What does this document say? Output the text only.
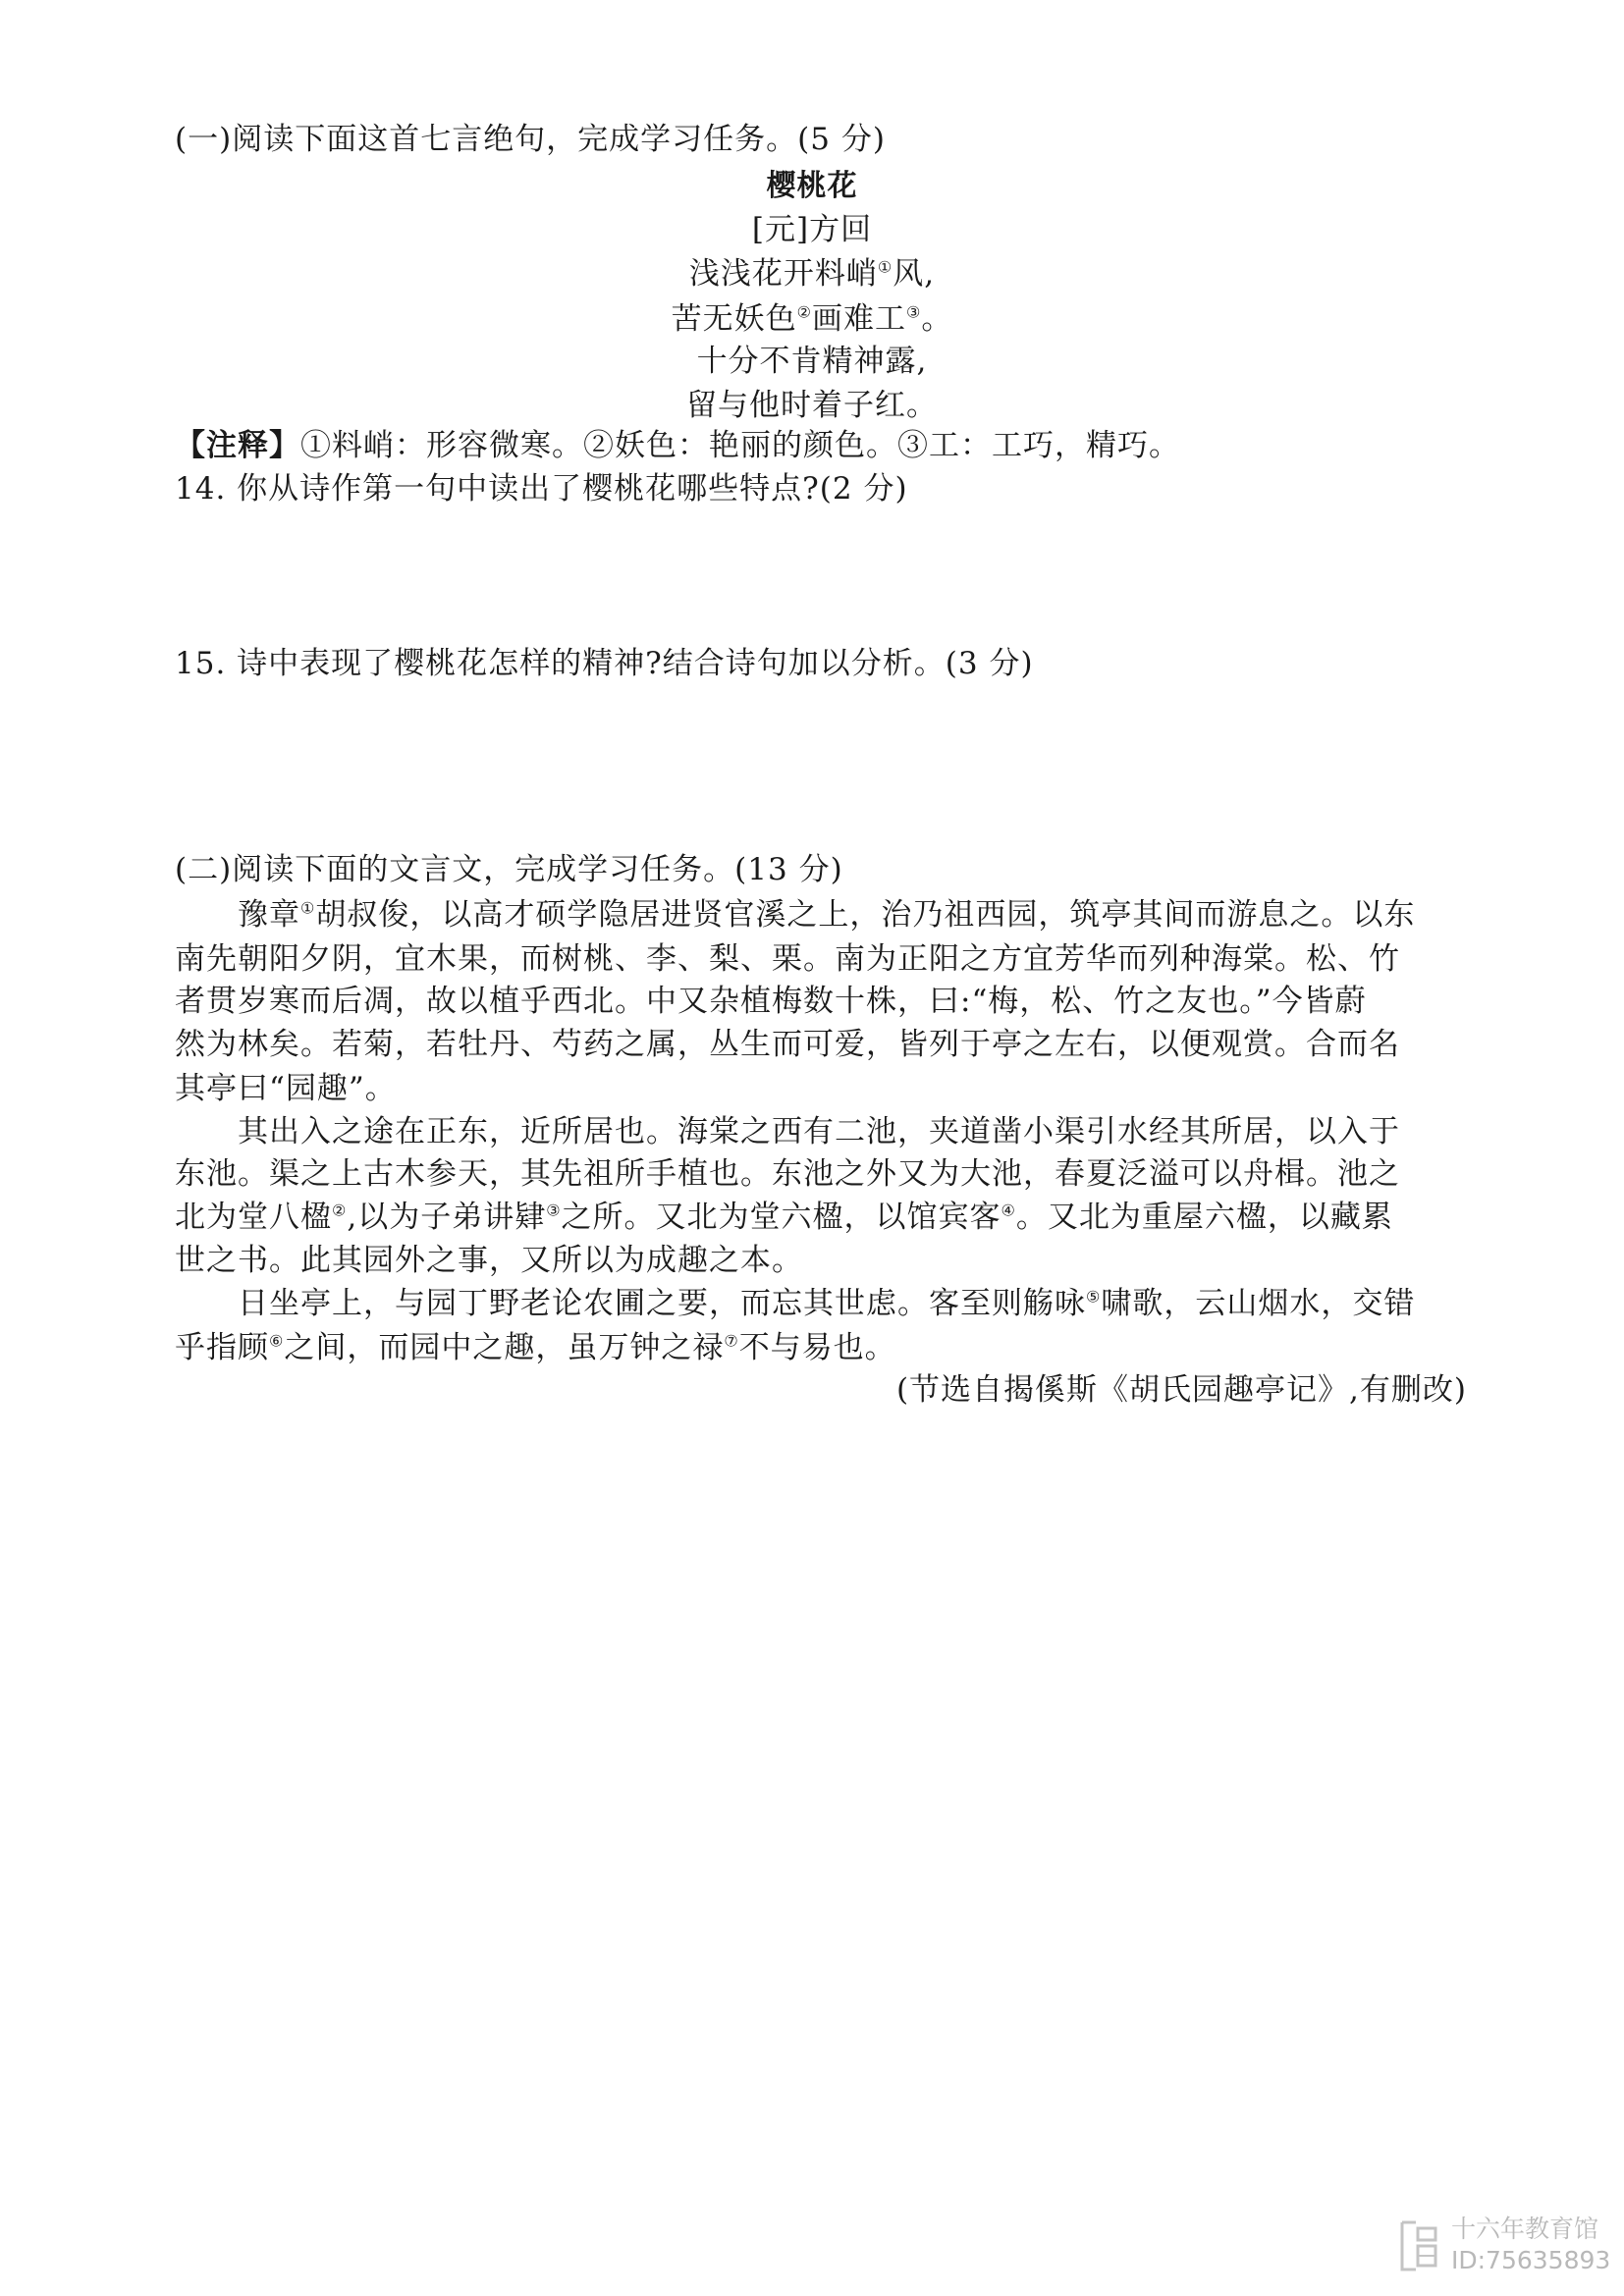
(一)阅读下面这首七言绝句，完成学习任务。(5 分)
樱桃花
[元]方回
浅浅花开料峭①风,
苦无妖色②画难工③。
十分不肯精神露,
留与他时着子红。
【注释】①料峭：形容微寒。②妖色：艳丽的颜色。③工：工巧，精巧。
14. 你从诗作第一句中读出了樱桃花哪些特点?(2 分)
15. 诗中表现了樱桃花怎样的精神?结合诗句加以分析。(3 分)
(二)阅读下面的文言文，完成学习任务。(13 分)
豫章①胡叔俊，以高才硕学隐居进贤官溪之上，治乃祖西园，筑亭其间而游息之。以东
南先朝阳夕阴，宜木果，而树桃、李、梨、栗。南为正阳之方宜芳华而列种海棠。松、竹
者贯岁寒而后凋，故以植乎西北。中又杂植梅数十株，曰:“梅，松、竹之友也。”今皆蔚
然为林矣。若菊，若牡丹、芍药之属，丛生而可爱，皆列于亭之左右，以便观赏。合而名
其亭曰“园趣”。
其出入之途在正东，近所居也。海棠之西有二池，夹道凿小渠引水经其所居，以入于
东池。渠之上古木参天，其先祖所手植也。东池之外又为大池，春夏泛溢可以舟楫。池之
北为堂八楹②,以为子弟讲肄③之所。又北为堂六楹，以馆宾客④。又北为重屋六楹，以藏累
世之书。此其园外之事，又所以为成趣之本。
日坐亭上，与园丁野老论农圃之要，而忘其世虑。客至则觞咏⑤啸歌，云山烟水，交错
乎指顾⑥之间，而园中之趣，虽万钟之禄⑦不与易也。
(节选自揭傒斯《胡氏园趣亭记》,有删改)
十六年教育馆
ID:75635893
